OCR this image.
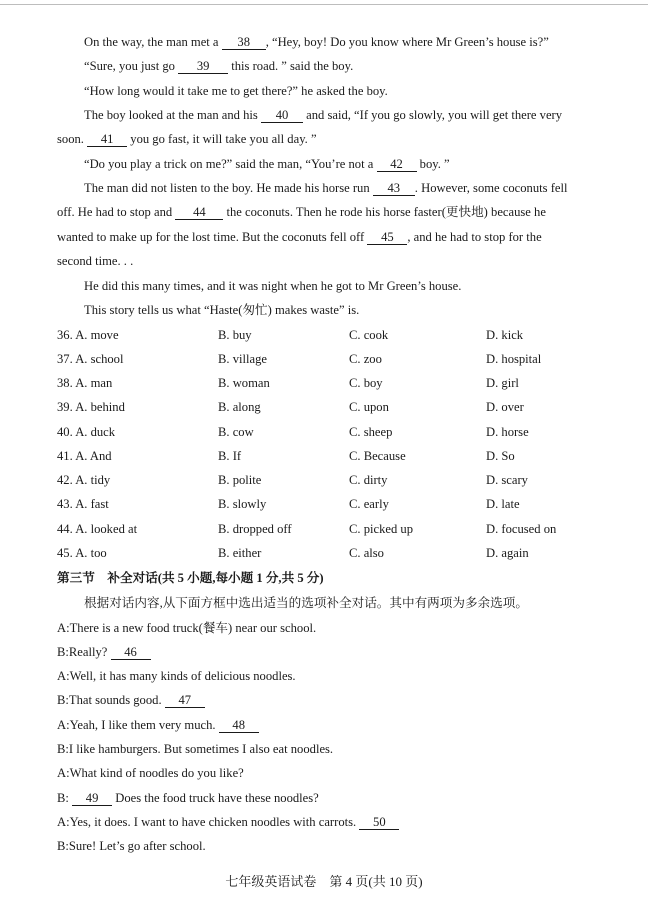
On the way, the man met a 38 , “Hey, boy! Do you know where Mr Green’s house is?”
“Sure, you just go 39 this road. ” said the boy.
“How long would it take me to get there?” he asked the boy.
The boy looked at the man and his 40 and said, “If you go slowly, you will get there very
soon. 41 you go fast, it will take you all day. ”
“Do you play a trick on me?” said the man, “You’re not a 42 boy. ”
The man did not listen to the boy. He made his horse run 43 . However, some coconuts fell
off. He had to stop and 44 the coconuts. Then he rode his horse faster(更快地) because he
wanted to make up for the lost time. But the coconuts fell off 45 , and he had to stop for the
second time. . .
He did this many times, and it was night when he got to Mr Green’s house.
This story tells us what “Haste(匆忙) makes waste” is.
36. A. move	B. buy	C. cook	D. kick
37. A. school	B. village	C. zoo	D. hospital
38. A. man	B. woman	C. boy	D. girl
39. A. behind	B. along	C. upon	D. over
40. A. duck	B. cow	C. sheep	D. horse
41. A. And	B. If	C. Because	D. So
42. A. tidy	B. polite	C. dirty	D. scary
43. A. fast	B. slowly	C. early	D. late
44. A. looked at	B. dropped off	C. picked up	D. focused on
45. A. too	B. either	C. also	D. again
第三节　补全对话(共 5 小题,每小题 1 分,共 5 分)
根据对话内容,从下面方框中选出适当的选项补全对话。其中有两项为多余选项。
A:There is a new food truck(餐车) near our school.
B:Really? 46
A:Well, it has many kinds of delicious noodles.
B:That sounds good. 47
A:Yeah, I like them very much. 48
B:I like hamburgers. But sometimes I also eat noodles.
A:What kind of noodles do you like?
B: 49 Does the food truck have these noodles?
A:Yes, it does. I want to have chicken noodles with carrots. 50
B:Sure! Let’s go after school.
七年级英语试卷　第 4 页(共 10 页)
